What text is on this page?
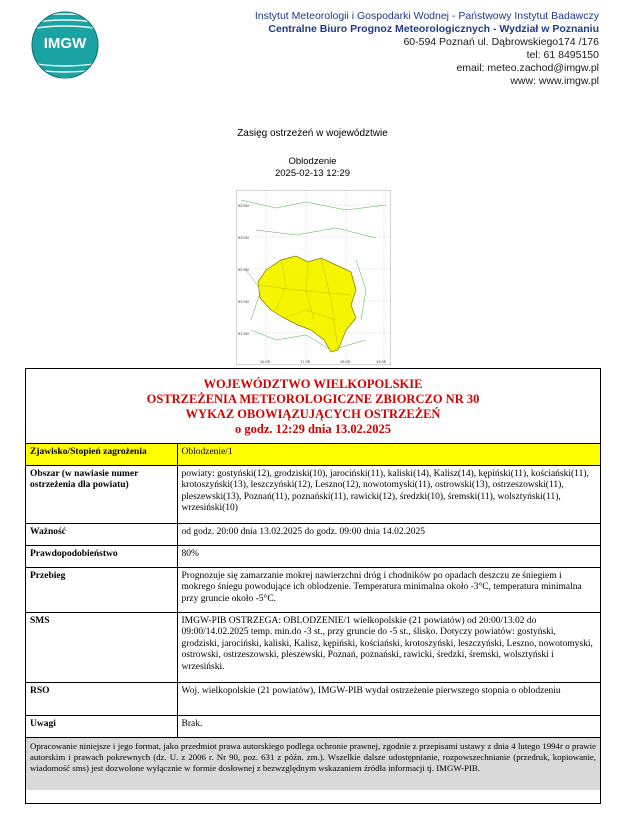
IMGW
Instytut Meteorologii i Gospodarki Wodnej - Państwowy Instytut Badawczy
Centralne Biuro Prognoz Meteorologicznych - Wydział w Poznaniu
60-594 Poznań ul. Dąbrowskiego174 /176
tel: 61 8495150
email: meteo.zachod@imgw.pl
www: www.imgw.pl
Zasięg ostrzeżeń w województwie
Oblodzenie
2025-02-13 12:29
53.5N
53.0N
52.5N
52.0N
51.5N
16.0E	17.0E	18.0E	19.0E
WOJEWÓDZTWO WIELKOPOLSKIE
OSTRZEŻENIA METEOROLOGICZNE ZBIORCZO NR 30
WYKAZ OBOWIĄZUJĄCYCH OSTRZEŻEŃ
o godz. 12:29 dnia 13.02.2025
Zjawisko/Stopień zagrożenia	Oblodzenie/1
Obszar (w nawiasie numer ostrzeżenia dla powiatu)	powiaty: gostyński(12), grodziski(10), jarociński(11), kaliski(14), Kalisz(14), kępiński(11), kościański(11), krotoszyński(13), leszczyński(12), Leszno(12), nowotomyski(11), ostrowski(13), ostrzeszowski(11), pleszewski(13), Poznań(11), poznański(11), rawicki(12), średzki(10), śremski(11), wolsztyński(11), wrzesiński(10)
Ważność	od godz. 20:00 dnia 13.02.2025 do godz. 09:00 dnia 14.02.2025
Prawdopodobieństwo	80%
Przebieg	Prognozuje się zamarzanie mokrej nawierzchni dróg i chodników po opadach deszczu ze śniegiem i mokrego śniegu powodujące ich oblodzenie. Temperatura minimalna około -3°C, temperatura minimalna przy gruncie około -5°C.
SMS	IMGW-PIB OSTRZEGA: OBLODZENIE/1 wielkopolskie (21 powiatów) od 20:00/13.02 do 09:00/14.02.2025 temp. min.do -3 st., przy gruncie do -5 st., ślisko. Dotyczy powiatów: gostyński, grodziski, jarociński, kaliski, Kalisz, kępiński, kościański, krotoszyński, leszczyński, Leszno, nowotomyski, ostrowski, ostrzeszowski, pleszewski, Poznań, poznański, rawicki, średzki, śremski, wolsztyński i wrzesiński.
RSO	Woj. wielkopolskie (21 powiatów), IMGW-PIB wydał ostrzeżenie pierwszego stopnia o oblodzeniu
Uwagi	Brak.
Opracowanie niniejsze i jego format, jako przedmiot prawa autorskiego podlega ochronie prawnej, zgodnie z przepisami ustawy z dnia 4 lutego 1994r o prawie autorskim i prawach pokrewnych (dz. U. z 2006 r. Nr 90, poz. 631 z późn. zm.). Wszelkie dalsze udostępnianie, rozpowszechnianie (przedruk, kopiowanie, wiadomość sms) jest dozwolone wyłącznie w formie dosłownej z bezwzględnym wskazaniem źródła informacji tj. IMGW-PIB.
